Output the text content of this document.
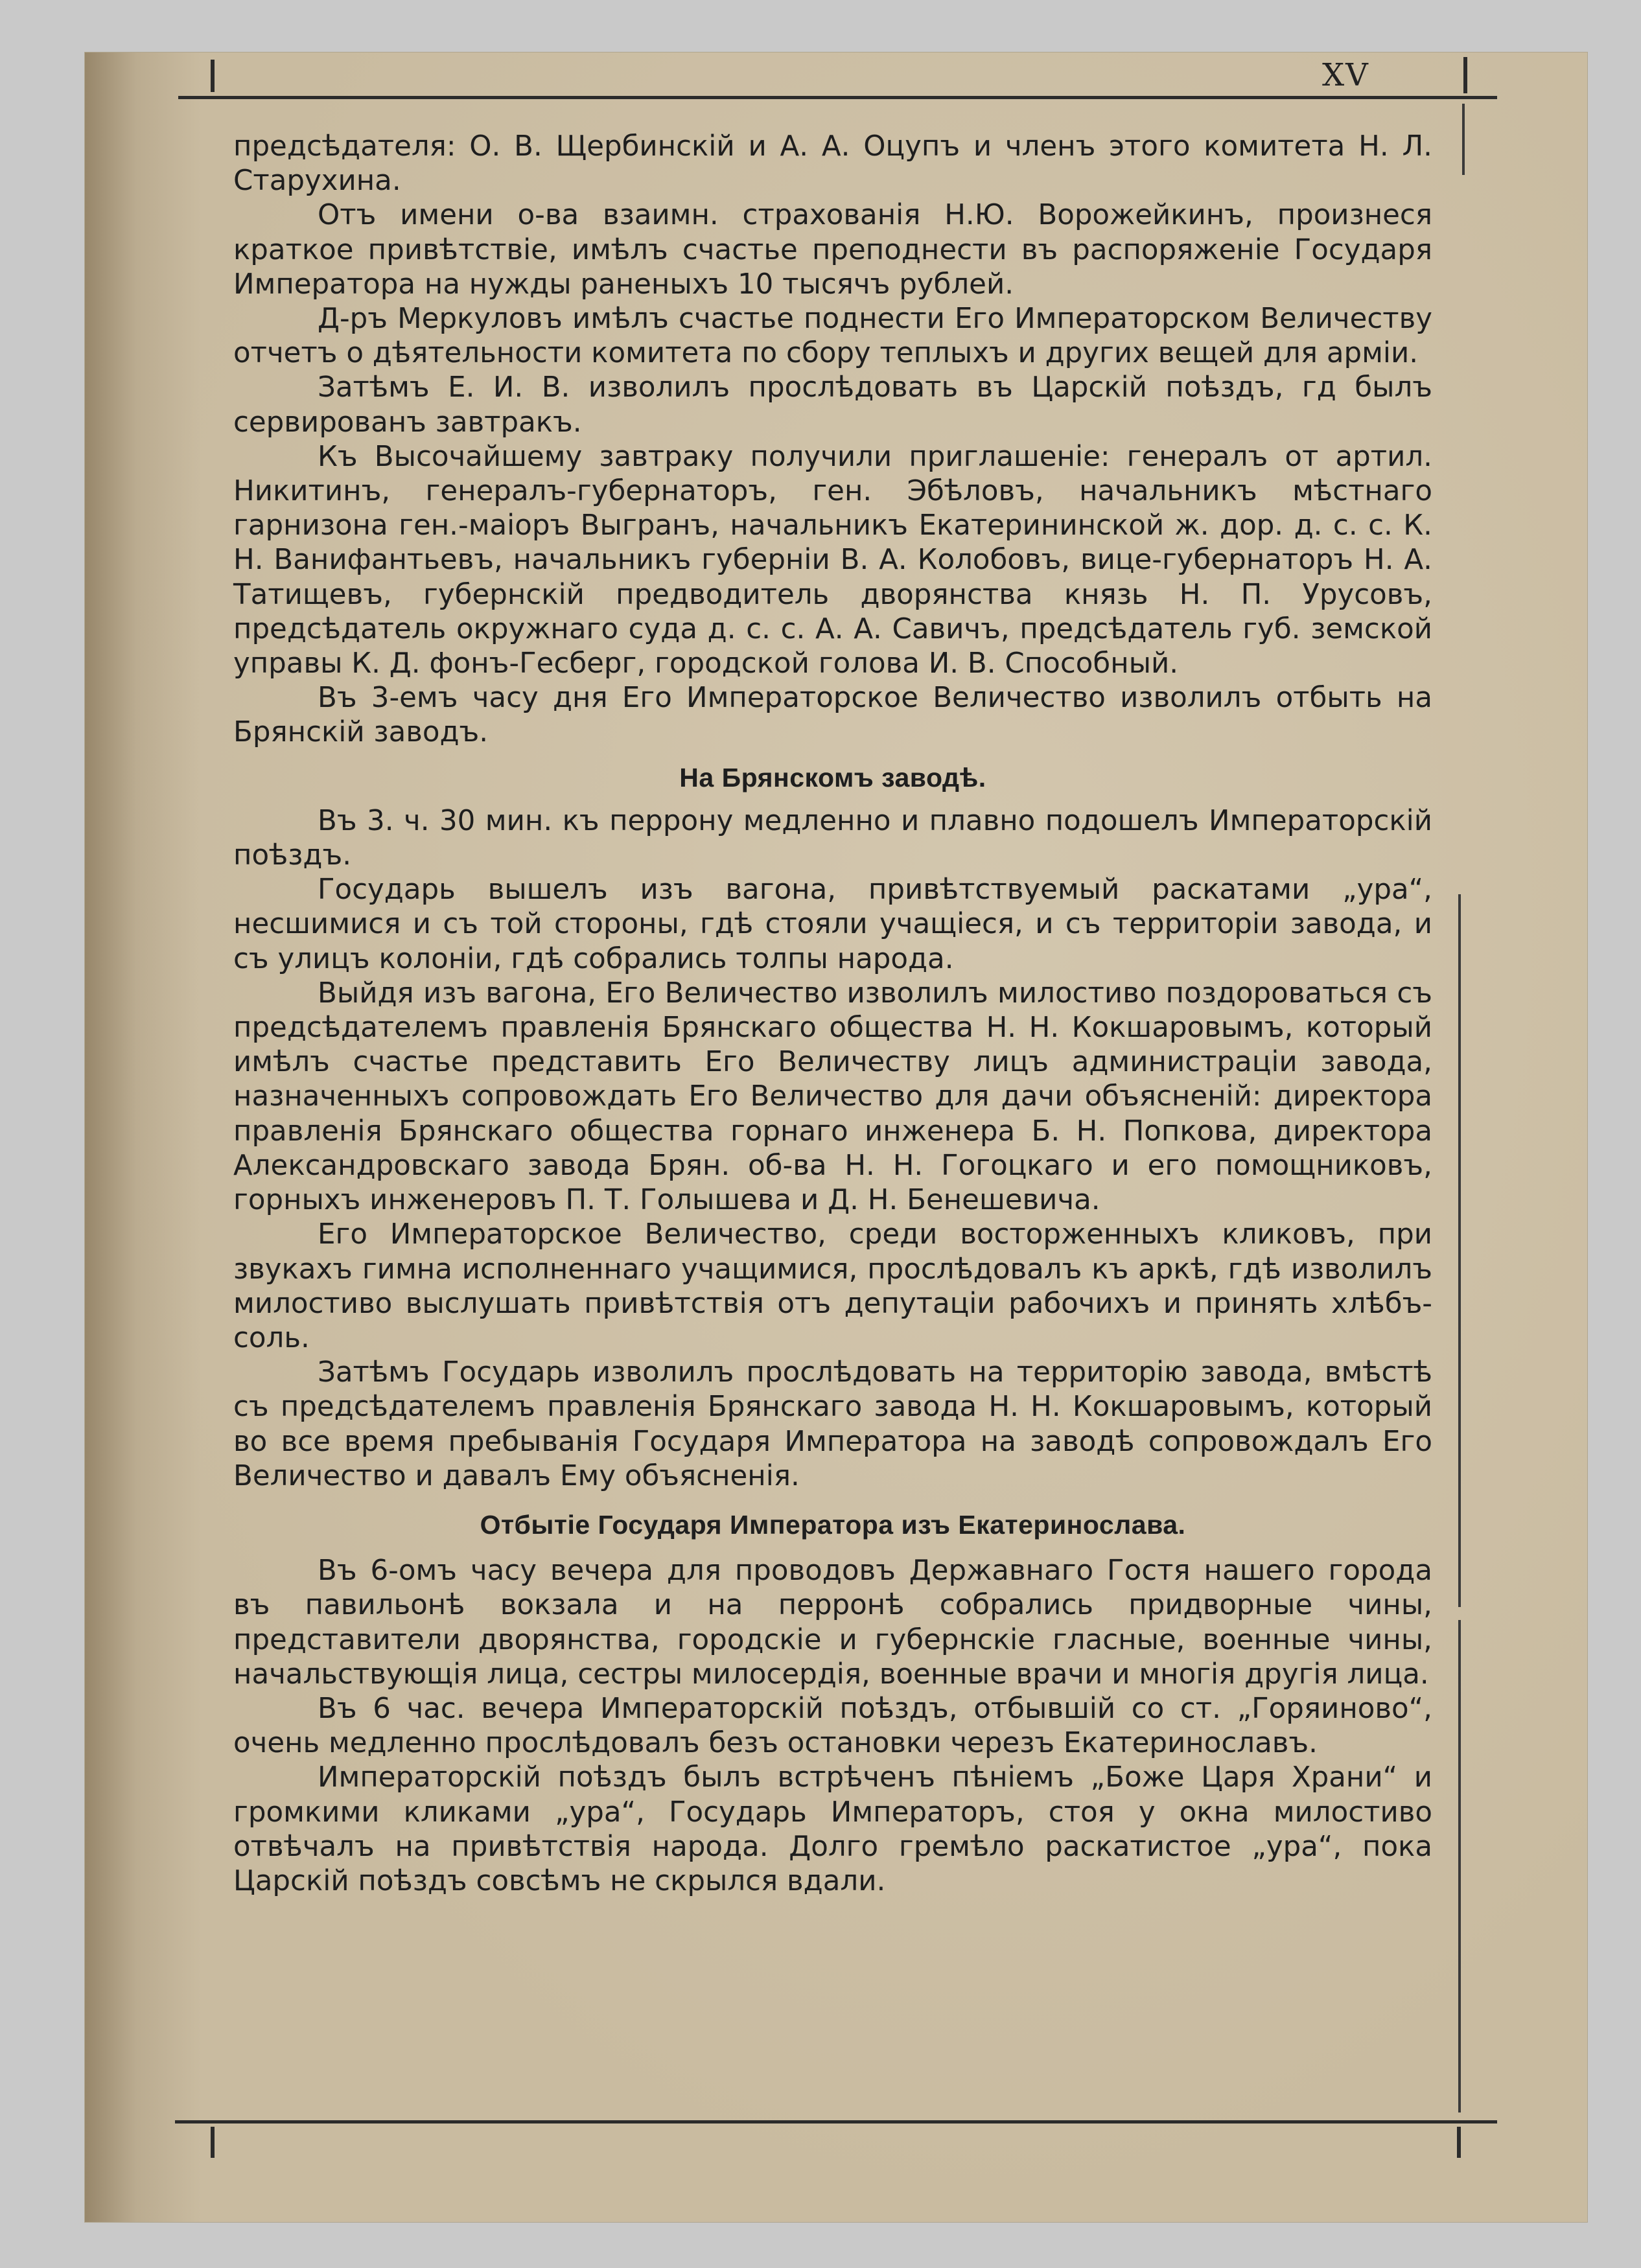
XV

предсѣдателя: О. В. Щербинскій и А. А. Оцупъ и членъ этого комитета Н. Л. Старухина.

Отъ имени о-ва взаимн. страхованія Н.Ю. Ворожейкинъ, произнеся краткое привѣтствіе, имѣлъ счастье преподнести въ распоряженіе Государя Императора на нужды раненыхъ 10 тысячъ рублей.

Д-ръ Меркуловъ имѣлъ счастье поднести Его Императорском Величеству отчетъ о дѣятельности комитета по сбору теплыхъ и других вещей для арміи.

Затѣмъ Е. И. В. изволилъ прослѣдовать въ Царскій поѣздъ, гд былъ сервированъ завтракъ.

Къ Высочайшему завтраку получили приглашеніе: генералъ от артил. Никитинъ, генералъ-губернаторъ, ген. Эбѣловъ, начальникъ мѣстнаго гарнизона ген.-маіоръ Выгранъ, начальникъ Екатерининской ж. дор. д. с. с. К. Н. Ванифантьевъ, начальникъ губерніи В. А. Колобовъ, вице-губернаторъ Н. А. Татищевъ, губернскій предводитель дворянства князь Н. П. Урусовъ, предсѣдатель окружнаго суда д. с. с. А. А. Савичъ, предсѣдатель губ. земской управы К. Д. фонъ-Гесберг, городской голова И. В. Способный.

Въ 3-емъ часу дня Его Императорское Величество изволилъ отбыть на Брянскій заводъ.

На Брянскомъ заводѣ.

Въ 3. ч. 30 мин. къ перрону медленно и плавно подошелъ Императорскій поѣздъ.

Государь вышелъ изъ вагона, привѣтствуемый раскатами „ура“, несшимися и съ той стороны, гдѣ стояли учащіеся, и съ территоріи завода, и съ улицъ колоніи, гдѣ собрались толпы народа.

Выйдя изъ вагона, Его Величество изволилъ милостиво поздороваться съ предсѣдателемъ правленія Брянскаго общества Н. Н. Кокшаровымъ, который имѣлъ счастье представить Его Величеству лицъ администраціи завода, назначенныхъ сопровождать Его Величество для дачи объясненій: директора правленія Брянскаго общества горнаго инженера Б. Н. Попкова, директора Александровскаго завода Брян. об-ва Н. Н. Гогоцкаго и его помощниковъ, горныхъ инженеровъ П. Т. Голышева и Д. Н. Бенешевича.

Его Императорское Величество, среди восторженныхъ кликовъ, при звукахъ гимна исполненнаго учащимися, прослѣдовалъ къ аркѣ, гдѣ изволилъ милостиво выслушать привѣтствія отъ депутаціи рабочихъ и принять хлѣбъ-соль.

Затѣмъ Государь изволилъ прослѣдовать на территорію завода, вмѣстѣ съ предсѣдателемъ правленія Брянскаго завода Н. Н. Кокшаровымъ, который во все время пребыванія Государя Императора на заводѣ сопровождалъ Его Величество и давалъ Ему объясненія.

Отбытіе Государя Императора изъ Екатеринослава.

Въ 6-омъ часу вечера для проводовъ Державнаго Гостя нашего города въ павильонѣ вокзала и на перронѣ собрались придворные чины, представители дворянства, городскіе и губернскіе гласные, военные чины, начальствующія лица, сестры милосердія, военные врачи и многія другія лица.

Въ 6 час. вечера Императорскій поѣздъ, отбывшій со ст. „Горяиново“, очень медленно прослѣдовалъ безъ остановки черезъ Екатеринославъ.

Императорскій поѣздъ былъ встрѣченъ пѣніемъ „Боже Царя Храни“ и громкими кликами „ура“, Государь Императоръ, стоя у окна милостиво отвѣчалъ на привѣтствія народа. Долго гремѣло раскатистое „ура“, пока Царскій поѣздъ совсѣмъ не скрылся вдали.
